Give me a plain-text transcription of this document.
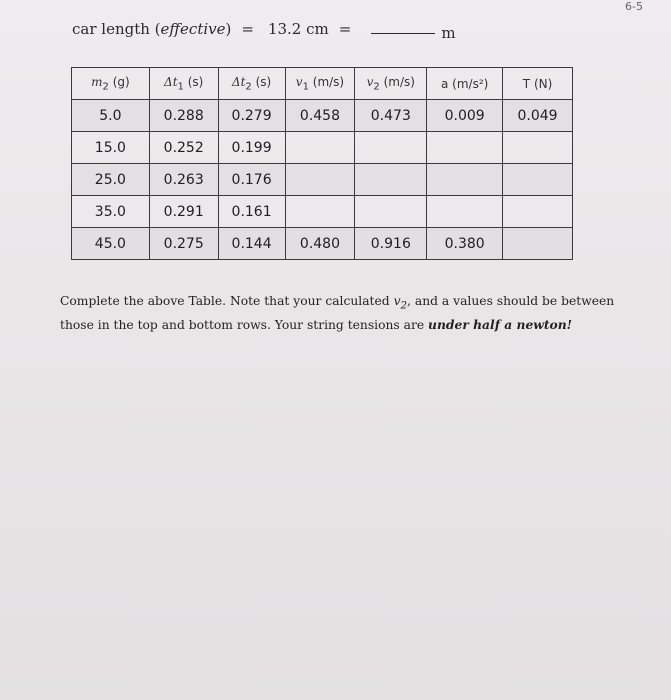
6-5
car length (effective) = 13.2 cm =	m
$m_2$ (g)	$\Delta t_1$ (s)	$\Delta t_2$ (s)	$v_1$ (m/s)	$v_2$ (m/s)	a (m/s²)	T (N)
5.0	0.288	0.279	0.458	0.473	0.009	0.049
15.0	0.252	0.199				
25.0	0.263	0.176				
35.0	0.291	0.161				
45.0	0.275	0.144	0.480	0.916	0.380	
Complete the above Table. Note that your calculated $v_2$, and a values should be between those in the top and bottom rows. Your string tensions are under half a newton!
